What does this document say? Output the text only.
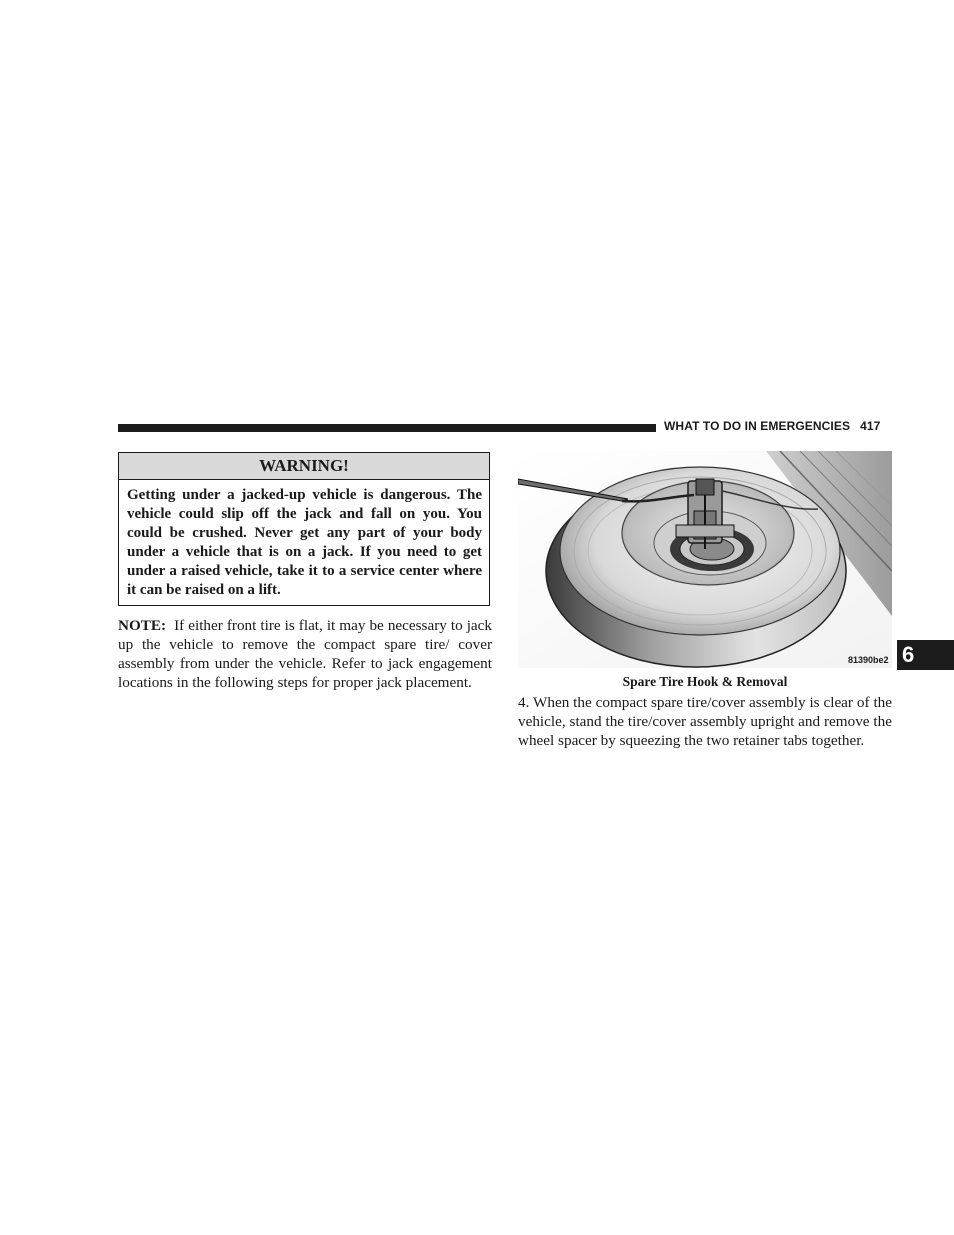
WHAT TO DO IN EMERGENCIES 417
WARNING!
Getting under a jacked-up vehicle is dangerous. The vehicle could slip off the jack and fall on you. You could be crushed. Never get any part of your body under a vehicle that is on a jack. If you need to get under a raised vehicle, take it to a service center where it can be raised on a lift.

NOTE: If either front tire is flat, it may be necessary to jack up the vehicle to remove the compact spare tire/ cover assembly from under the vehicle. Refer to jack engagement locations in the following steps for proper jack placement.

81390be2
Spare Tire Hook & Removal

4. When the compact spare tire/cover assembly is clear of the vehicle, stand the tire/cover assembly upright and remove the wheel spacer by squeezing the two retainer tabs together.

6
